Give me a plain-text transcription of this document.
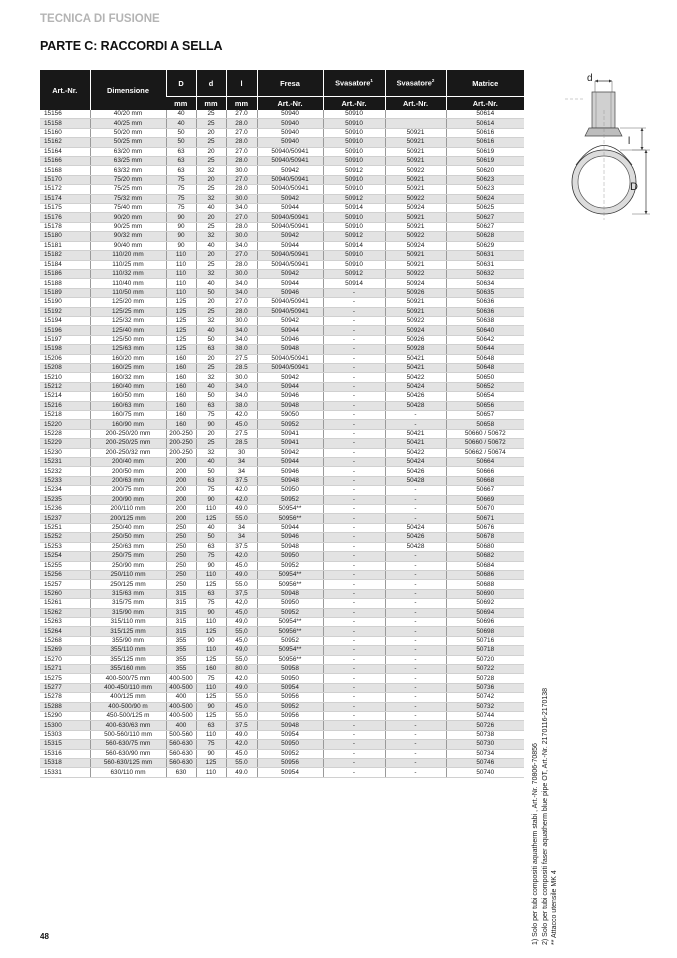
TECNICA DI FUSIONE
PARTE C: RACCORDI A SELLA
Art.-Nr.	Dimensione	D	d	l	Fresa	Svasatore$^1$	Svasatore$^2$	Matrice
		mm	mm	mm	Art.-Nr.	Art.-Nr.	Art.-Nr.	Art.-Nr.
15156	40/20 mm	40	25	27.0	50940	50910		50614
15158	40/25 mm	40	25	28.0	50940	50910		50614
15160	50/20 mm	50	20	27.0	50940	50910	50921	50616
15162	50/25 mm	50	25	28.0	50940	50910	50921	50616
15164	63/20 mm	63	20	27.0	50940/50941	50910	50921	50619
15166	63/25 mm	63	25	28.0	50940/50941	50910	50921	50619
15168	63/32 mm	63	32	30.0	50942	50912	50922	50620
15170	75/20 mm	75	20	27.0	50940/50941	50910	50921	50623
15172	75/25 mm	75	25	28.0	50940/50941	50910	50921	50623
15174	75/32 mm	75	32	30.0	50942	50912	50922	50624
15175	75/40 mm	75	40	34.0	50944	50914	50924	50625
15176	90/20 mm	90	20	27.0	50940/50941	50910	50921	50627
15178	90/25 mm	90	25	28.0	50940/50941	50910	50921	50627
15180	90/32 mm	90	32	30.0	50942	50912	50922	50628
15181	90/40 mm	90	40	34.0	50944	50914	50924	50629
15182	110/20 mm	110	20	27.0	50940/50941	50910	50921	50631
15184	110/25 mm	110	25	28.0	50940/50941	50910	50921	50631
15186	110/32 mm	110	32	30.0	50942	50912	50922	50632
15188	110/40 mm	110	40	34.0	50944	50914	50924	50634
15189	110/50 mm	110	50	34.0	50946	-	50926	50635
15190	125/20 mm	125	20	27.0	50940/50941	-	50921	50636
15192	125/25 mm	125	25	28.0	50940/50941	-	50921	50636
15194	125/32 mm	125	32	30.0	50942	-	50922	50638
15196	125/40 mm	125	40	34.0	50944	-	50924	50640
15197	125/50 mm	125	50	34.0	50946	-	50926	50642
15198	125/63 mm	125	63	38.0	50948	-	50928	50644
15206	160/20 mm	160	20	27.5	50940/50941	-	50421	50648
15208	160/25 mm	160	25	28.5	50940/50941	-	50421	50648
15210	160/32 mm	160	32	30.0	50942	-	50422	50650
15212	160/40 mm	160	40	34.0	50944	-	50424	50652
15214	160/50 mm	160	50	34.0	50946	-	50426	50654
15216	160/63 mm	160	63	38.0	50948	-	50428	50656
15218	160/75 mm	160	75	42.0	59050	-	-	50657
15220	160/90 mm	160	90	45.0	50952	-	-	50658
15228	200-250/20 mm	200-250	20	27.5	50941	-	50421	50660 / 50672
15229	200-250/25 mm	200-250	25	28.5	50941	-	50421	50660 / 50672
15230	200-250/32 mm	200-250	32	30	50942	-	50422	50662 / 50674
15231	200/40 mm	200	40	34	50944	-	50424	50664
15232	200/50 mm	200	50	34	50946	-	50426	50666
15233	200/63 mm	200	63	37.5	50948	-	50428	50668
15234	200/75 mm	200	75	42.0	50950	-	-	50667
15235	200/90 mm	200	90	42.0	50952	-	-	50669
15236	200/110 mm	200	110	49.0	50954**	-	-	50670
15237	200/125 mm	200	125	55.0	50956**	-	-	50671
15251	250/40 mm	250	40	34	50944	-	50424	50676
15252	250/50 mm	250	50	34	50946	-	50426	50678
15253	250/63 mm	250	63	37.5	50948	-	50428	50680
15254	250/75 mm	250	75	42.0	50950	-	-	50682
15255	250/90 mm	250	90	45.0	50952	-	-	50684
15256	250/110 mm	250	110	49.0	50954**	-	-	50686
15257	250/125 mm	250	125	55.0	50956**	-	-	50688
15260	315/63 mm	315	63	37,5	50948	-	-	50690
15261	315/75 mm	315	75	42,0	50950	-	-	50692
15262	315/90 mm	315	90	45,0	50952	-	-	50694
15263	315/110 mm	315	110	49,0	50954**	-	-	50696
15264	315/125 mm	315	125	55,0	50956**	-	-	50698
15268	355/90 mm	355	90	45,0	50952	-	-	50716
15269	355/110 mm	355	110	49,0	50954**	-	-	50718
15270	355/125 mm	355	125	55,0	50956**	-	-	50720
15271	355/160 mm	355	160	80.0	50958	-	-	50722
15275	400-500/75 mm	400-500	75	42.0	50950	-	-	50728
15277	400-450/110 mm	400-500	110	49.0	50954	-	-	50736
15278	400/125 mm	400	125	55.0	50956	-	-	50742
15288	400-500/90 m	400-500	90	45.0	50952	-	-	50732
15290	450-500/125 m	400-500	125	55.0	50956	-	-	50744
15300	400-630/63 mm	400	63	37.5	50948	-	-	50726
15303	500-560/110 mm	500-560	110	49.0	50954	-	-	50738
15315	560-630/75 mm	560-630	75	42.0	50950	-	-	50730
15316	560-630/90 mm	560-630	90	45.0	50952	-	-	50734
15318	560-630/125 mm	560-630	125	55.0	50956	-	-	50746
15331	630/110 mm	630	110	49.0	50954	-	-	50740
d
l
D
1) Solo per tubi compositi aquatherm stabi , Art.-Nr. 70806-70856 2) Solo per tubi compositi faser aquatherm blue pipe OT, Art.-Nr. 2170116-2170138 ** Attacco utensile MK 4
48
